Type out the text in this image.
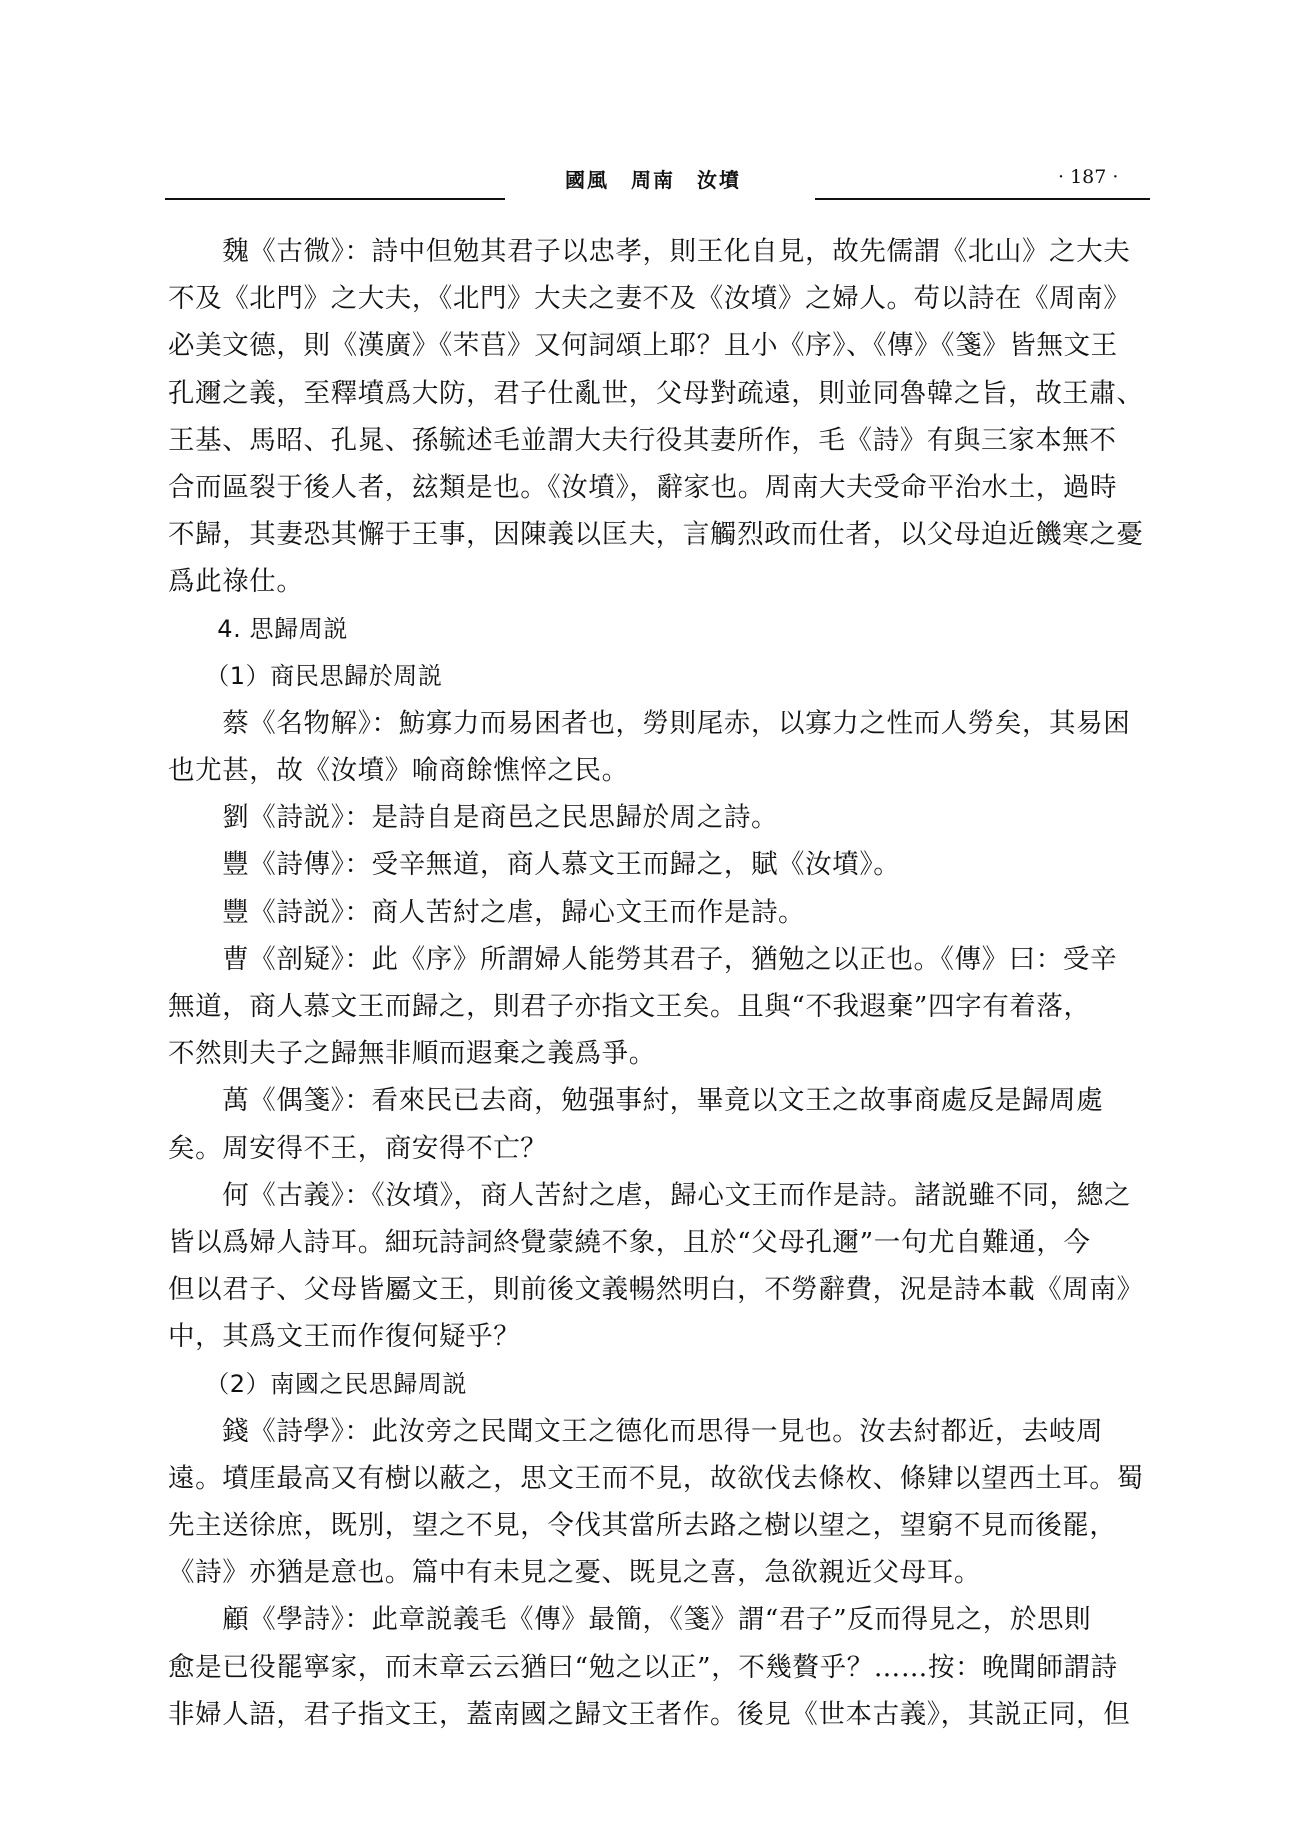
國風　周南　汝墳	· 187 ·
　　魏《古微》：詩中但勉其君子以忠孝，則王化自見，故先儒謂《北山》之大夫
不及《北門》之大夫，《北門》大夫之妻不及《汝墳》之婦人。苟以詩在《周南》
必美文德，則《漢廣》《芣苢》又何詞頌上耶？且小《序》、《傳》《箋》皆無文王
孔邇之義，至釋墳爲大防，君子仕亂世，父母對疏遠，則並同魯韓之旨，故王肅、
王基、馬昭、孔晁、孫毓述毛並謂大夫行役其妻所作，毛《詩》有與三家本無不
合而區裂于後人者，玆類是也。《汝墳》，辭家也。周南大夫受命平治水土，過時
不歸，其妻恐其懈于王事，因陳義以匡夫，言觸烈政而仕者，以父母迫近饑寒之憂
爲此祿仕。
　　4. 思歸周説
　　（1）商民思歸於周説
　　蔡《名物解》：魴寡力而易困者也，勞則尾赤，以寡力之性而人勞矣，其易困
也尤甚，故《汝墳》喻商餘憔悴之民。
　　劉《詩説》：是詩自是商邑之民思歸於周之詩。
　　豐《詩傳》：受辛無道，商人慕文王而歸之，賦《汝墳》。
　　豐《詩説》：商人苦紂之虐，歸心文王而作是詩。
　　曹《剖疑》：此《序》所謂婦人能勞其君子，猶勉之以正也。《傳》曰：受辛
無道，商人慕文王而歸之，則君子亦指文王矣。且與“不我遐棄”四字有着落，
不然則夫子之歸無非順而遐棄之義爲爭。
　　萬《偶箋》：看來民已去商，勉强事紂，畢竟以文王之故事商處反是歸周處
矣。周安得不王，商安得不亡？
　　何《古義》：《汝墳》，商人苦紂之虐，歸心文王而作是詩。諸説雖不同，總之
皆以爲婦人詩耳。細玩詩詞終覺蒙繞不象，且於“父母孔邇”一句尤自難通，今
但以君子、父母皆屬文王，則前後文義暢然明白，不勞辭費，況是詩本載《周南》
中，其爲文王而作復何疑乎？
　　（2）南國之民思歸周説
　　錢《詩學》：此汝旁之民聞文王之德化而思得一見也。汝去紂都近，去岐周
遠。墳厓最高又有樹以蔽之，思文王而不見，故欲伐去條枚、條肄以望西土耳。蜀
先主送徐庶，既別，望之不見，令伐其當所去路之樹以望之，望窮不見而後罷，
《詩》亦猶是意也。篇中有未見之憂、既見之喜，急欲親近父母耳。
　　顧《學詩》：此章説義毛《傳》最簡，《箋》謂“君子”反而得見之，於思則
愈是已役罷寧家，而末章云云猶曰“勉之以正”，不幾贅乎？……按：晚聞師謂詩
非婦人語，君子指文王，蓋南國之歸文王者作。後見《世本古義》，其説正同，但
